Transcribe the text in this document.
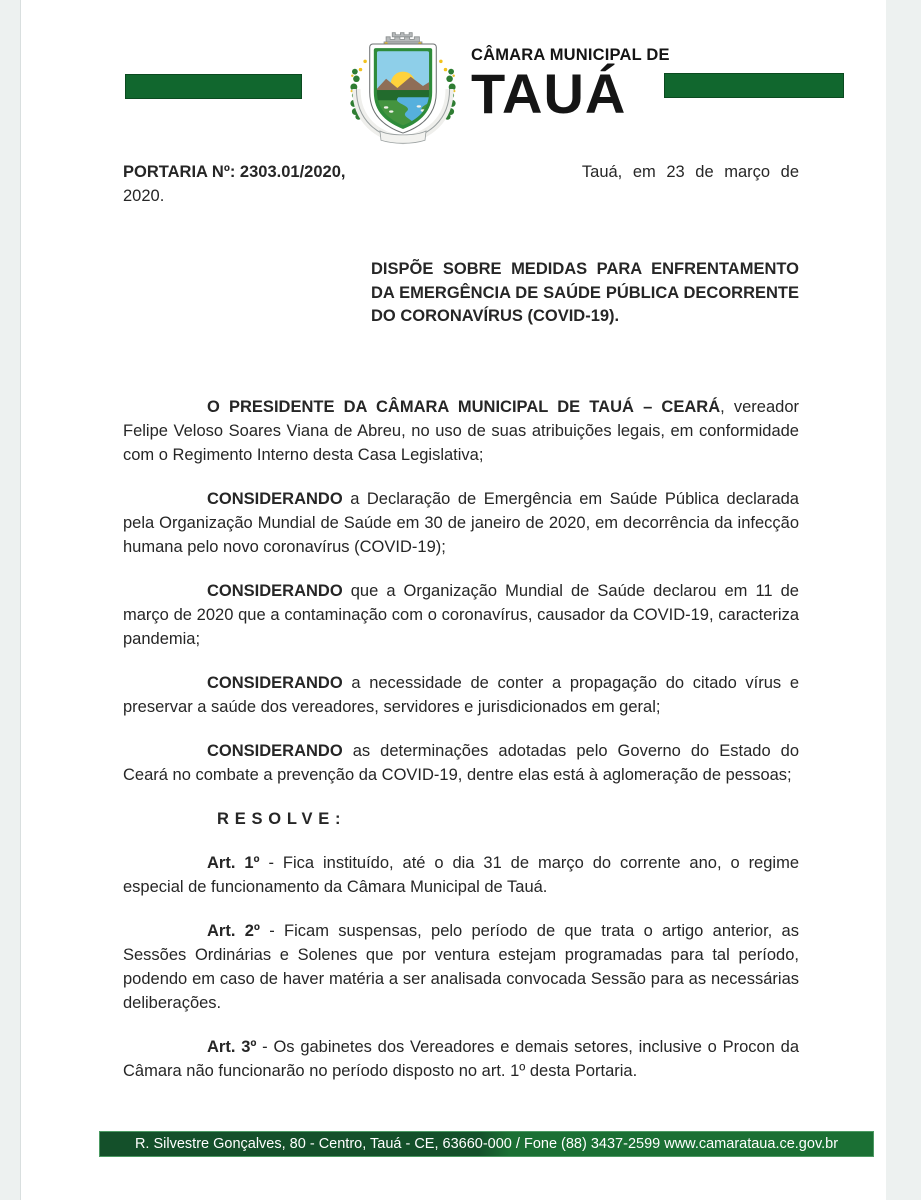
CÂMARA MUNICIPAL DE
TAUÁ
PORTARIA Nº: 2303.01/2020,	Tauá, em 23 de março de
2020.

DISPÕE SOBRE MEDIDAS PARA ENFRENTAMENTO DA EMERGÊNCIA DE SAÚDE PÚBLICA DECORRENTE DO CORONAVÍRUS (COVID-19).

O PRESIDENTE DA CÂMARA MUNICIPAL DE TAUÁ – CEARÁ, vereador Felipe Veloso Soares Viana de Abreu, no uso de suas atribuições legais, em conformidade com o Regimento Interno desta Casa Legislativa;

CONSIDERANDO a Declaração de Emergência em Saúde Pública declarada pela Organização Mundial de Saúde em 30 de janeiro de 2020, em decorrência da infecção humana pelo novo coronavírus (COVID-19);

CONSIDERANDO que a Organização Mundial de Saúde declarou em 11 de março de 2020 que a contaminação com o coronavírus, causador da COVID-19, caracteriza pandemia;

CONSIDERANDO a necessidade de conter a propagação do citado vírus e preservar a saúde dos vereadores, servidores e jurisdicionados em geral;

CONSIDERANDO as determinações adotadas pelo Governo do Estado do Ceará no combate a prevenção da COVID-19, dentre elas está à aglomeração de pessoas;

RESOLVE:

Art. 1º - Fica instituído, até o dia 31 de março do corrente ano, o regime especial de funcionamento da Câmara Municipal de Tauá.

Art. 2º - Ficam suspensas, pelo período de que trata o artigo anterior, as Sessões Ordinárias e Solenes que por ventura estejam programadas para tal período, podendo em caso de haver matéria a ser analisada convocada Sessão para as necessárias deliberações.

Art. 3º - Os gabinetes dos Vereadores e demais setores, inclusive o Procon da Câmara não funcionarão no período disposto no art. 1º desta Portaria.

R. Silvestre Gonçalves, 80 - Centro, Tauá - CE, 63660-000 / Fone (88) 3437-2599 www.camarataua.ce.gov.br
